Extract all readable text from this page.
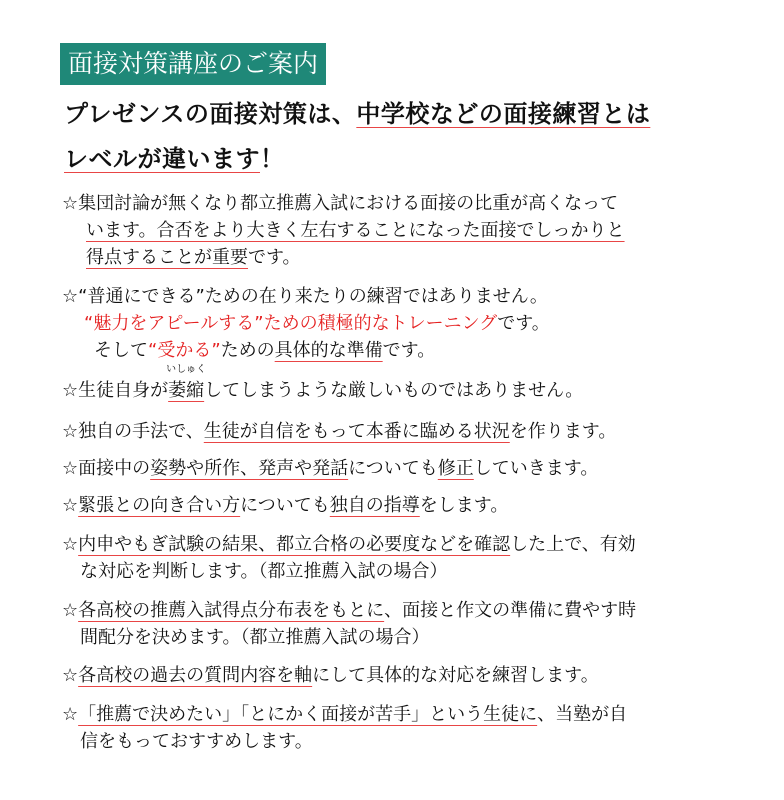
面接対策講座のご案内
プレゼンスの面接対策は、中学校などの面接練習とは
レベルが違います！
☆集団討論が無くなり都立推薦入試における面接の比重が高くなって
います。合否をより大きく左右することになった面接でしっかりと
得点することが重要です。
☆“普通にできる”ための在り来たりの練習ではありません。
“魅力をアピールする”ための積極的なトレーニングです。
そして“受かる”ための具体的な準備です。
☆生徒自身が
いしゅく
萎縮してしまうような厳しいものではありません。
☆独自の手法で、生徒が自信をもって本番に臨める状況を作ります。
☆面接中の姿勢や所作、発声や発話についても修正していきます。
☆緊張との向き合い方についても独自の指導をします。
☆内申やもぎ試験の結果、都立合格の必要度などを確認した上で、有効
な対応を判断します。（都立推薦入試の場合）
☆各高校の推薦入試得点分布表をもとに、面接と作文の準備に費やす時
間配分を決めます。（都立推薦入試の場合）
☆各高校の過去の質問内容を軸にして具体的な対応を練習します。
☆「推薦で決めたい」「とにかく面接が苦手」という生徒に、当塾が自
信をもっておすすめします。
